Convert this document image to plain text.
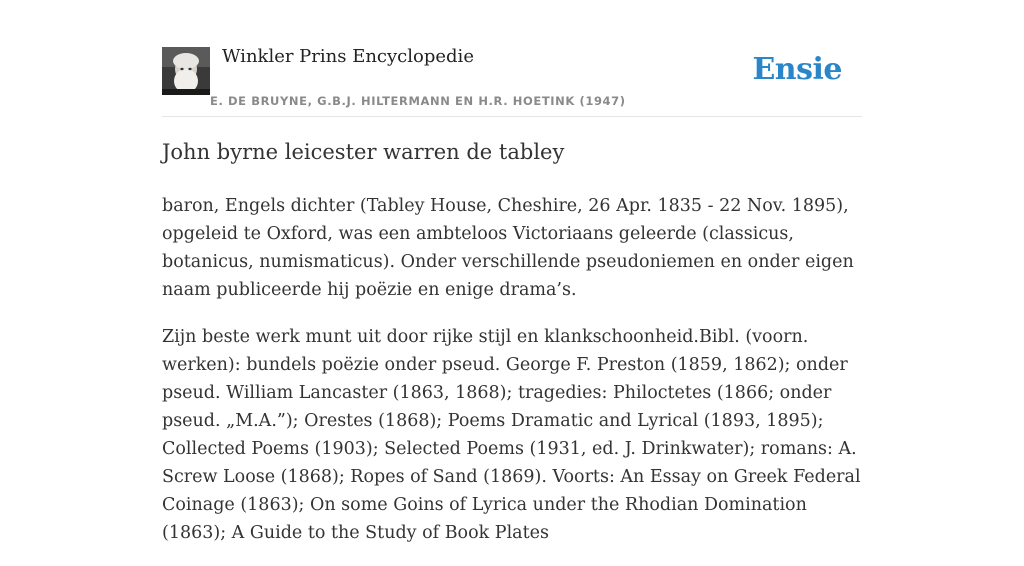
Winkler Prins Encyclopedie
E. DE BRUYNE, G.B.J. HILTERMANN EN H.R. HOETINK (1947)
Ensie
John byrne leicester warren de tabley

baron, Engels dichter (Tabley House, Cheshire, 26 Apr. 1835 - 22 Nov. 1895), opgeleid te Oxford, was een ambteloos Victoriaans geleerde (classicus, botanicus, numismaticus). Onder verschillende pseudoniemen en onder eigen naam publiceerde hij poëzie en enige drama’s.

Zijn beste werk munt uit door rijke stijl en klankschoonheid.Bibl. (voorn. werken): bundels poëzie onder pseud. George F. Preston (1859, 1862); onder pseud. William Lancaster (1863, 1868); tragedies: Philoctetes (1866; onder pseud. „M.A.”); Orestes (1868); Poems Dramatic and Lyrical (1893, 1895); Collected Poems (1903); Selected Poems (1931, ed. J. Drinkwater); romans: A. Screw Loose (1868); Ropes of Sand (1869). Voorts: An Essay on Greek Federal Coinage (1863); On some Goins of Lyrica under the Rhodian Domination (1863); A Guide to the Study of Book Plates
